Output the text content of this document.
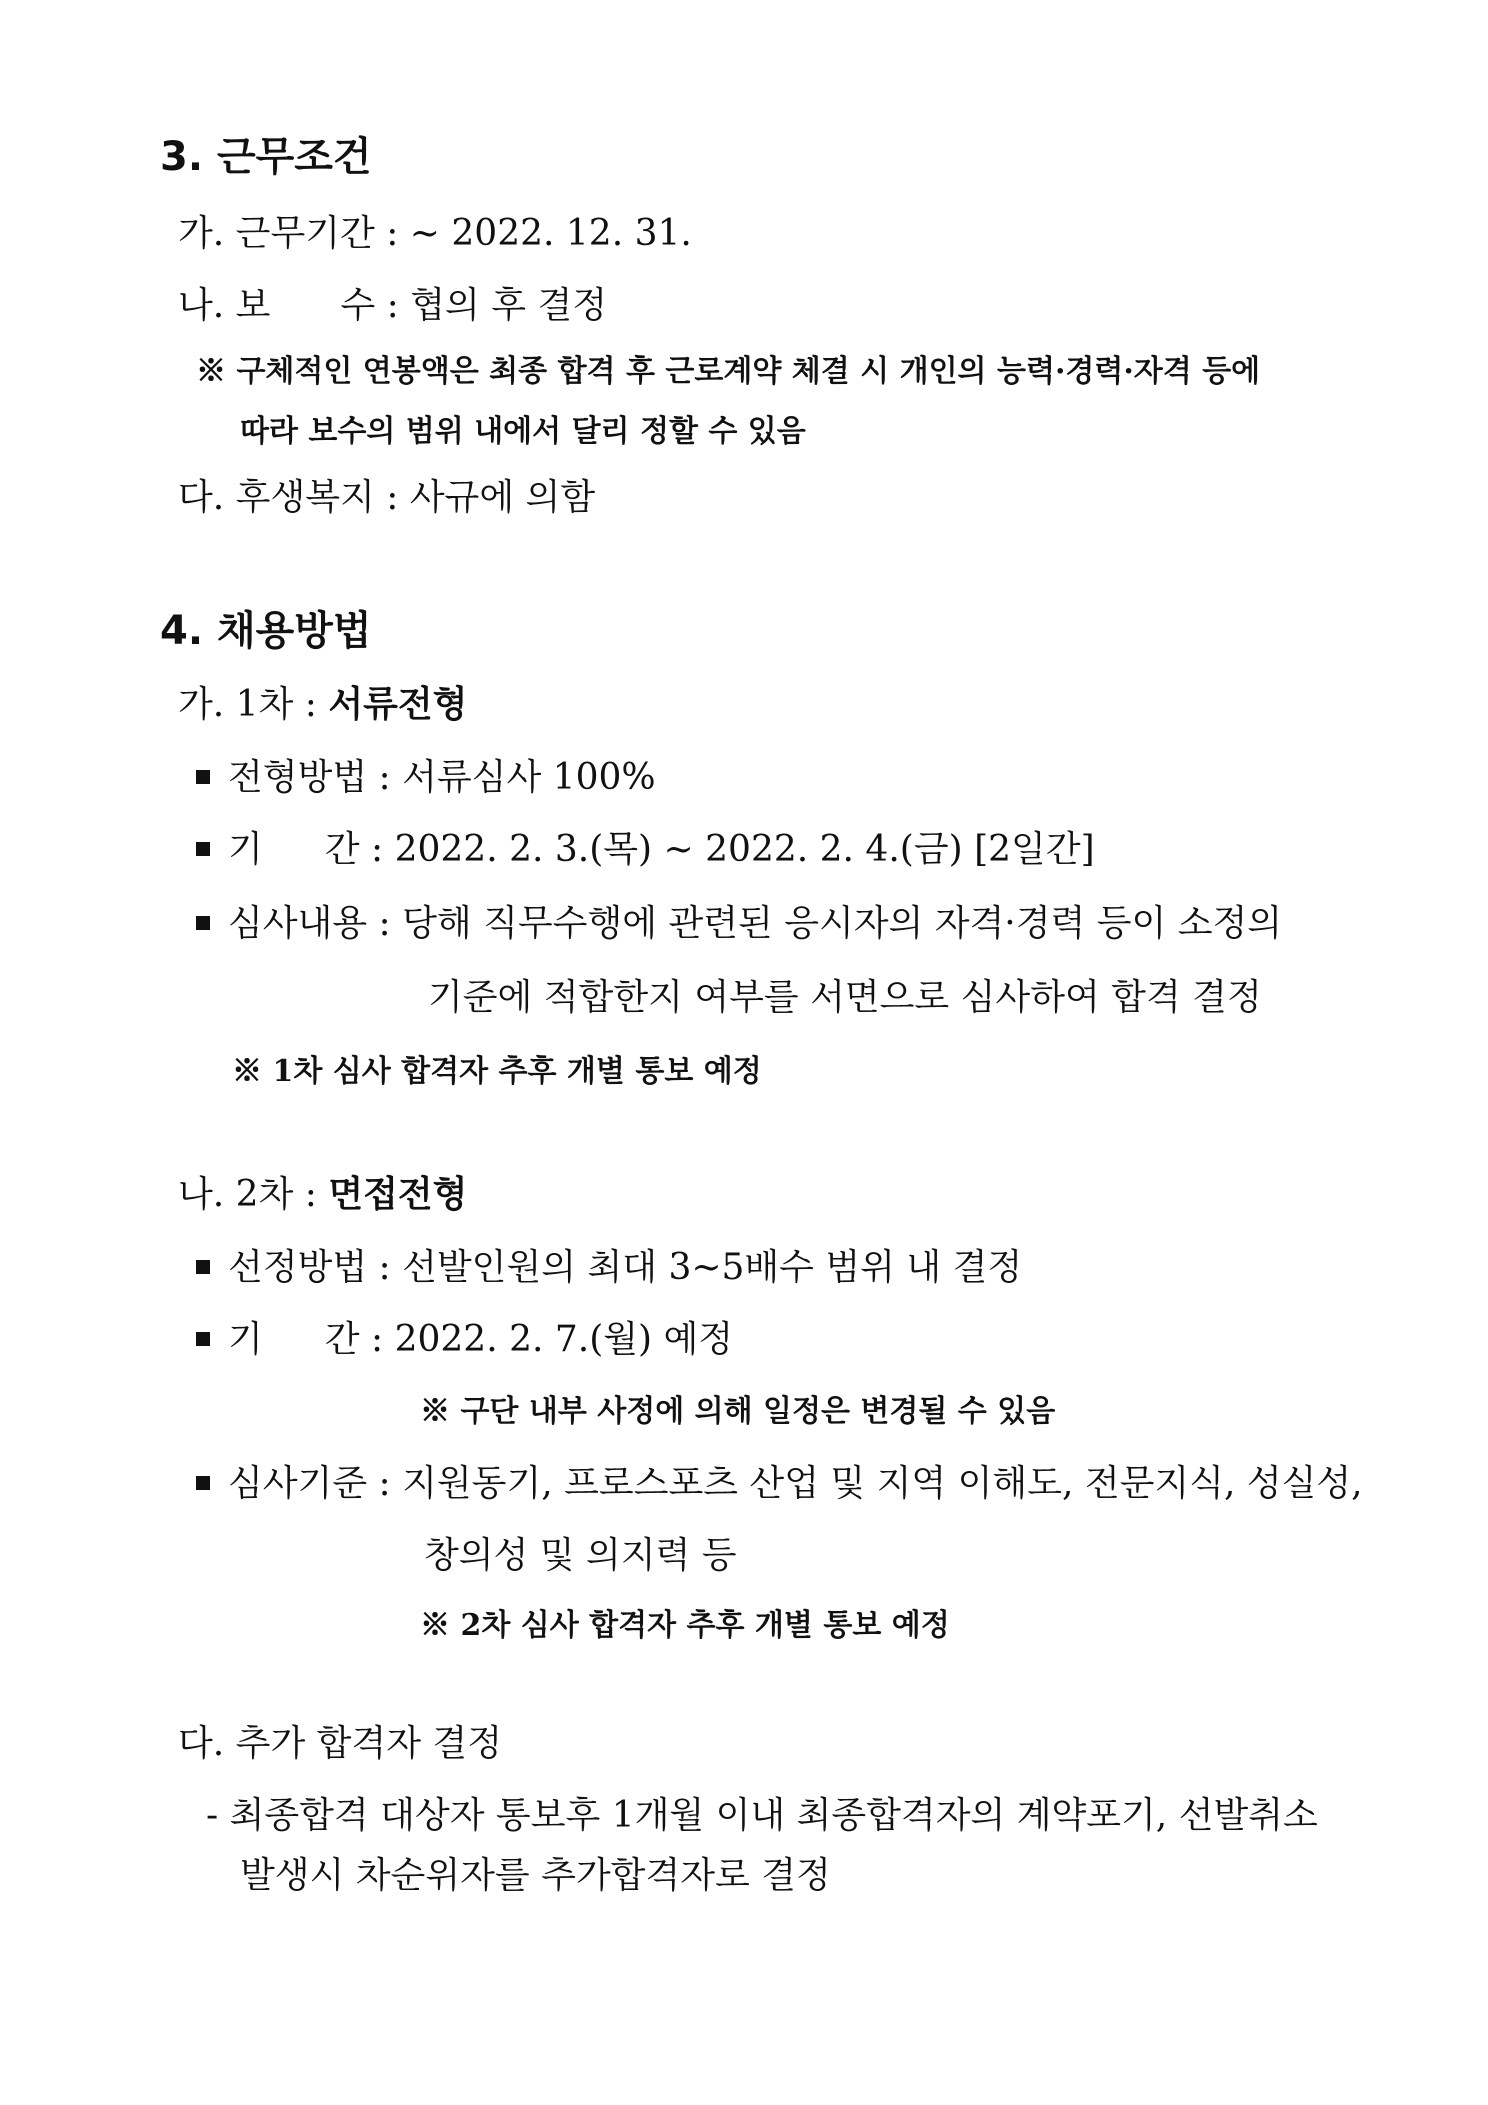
3. 근무조건
가. 근무기간 : ~ 2022. 12. 31.
나. 보 수 : 협의 후 결정
※ 구체적인 연봉액은 최종 합격 후 근로계약 체결 시 개인의 능력·경력·자격 등에
따라 보수의 범위 내에서 달리 정할 수 있음
다. 후생복지 : 사규에 의함
4. 채용방법
가. 1차 : 서류전형
전형방법 : 서류심사 100%
기 간 : 2022. 2. 3.(목) ~ 2022. 2. 4.(금) [2일간]
심사내용 : 당해 직무수행에 관련된 응시자의 자격·경력 등이 소정의
기준에 적합한지 여부를 서면으로 심사하여 합격 결정
※ 1차 심사 합격자 추후 개별 통보 예정
나. 2차 : 면접전형
선정방법 : 선발인원의 최대 3~5배수 범위 내 결정
기 간 : 2022. 2. 7.(월) 예정
※ 구단 내부 사정에 의해 일정은 변경될 수 있음
심사기준 : 지원동기, 프로스포츠 산업 및 지역 이해도, 전문지식, 성실성,
창의성 및 의지력 등
※ 2차 심사 합격자 추후 개별 통보 예정
다. 추가 합격자 결정
- 최종합격 대상자 통보후 1개월 이내 최종합격자의 계약포기, 선발취소
발생시 차순위자를 추가합격자로 결정
